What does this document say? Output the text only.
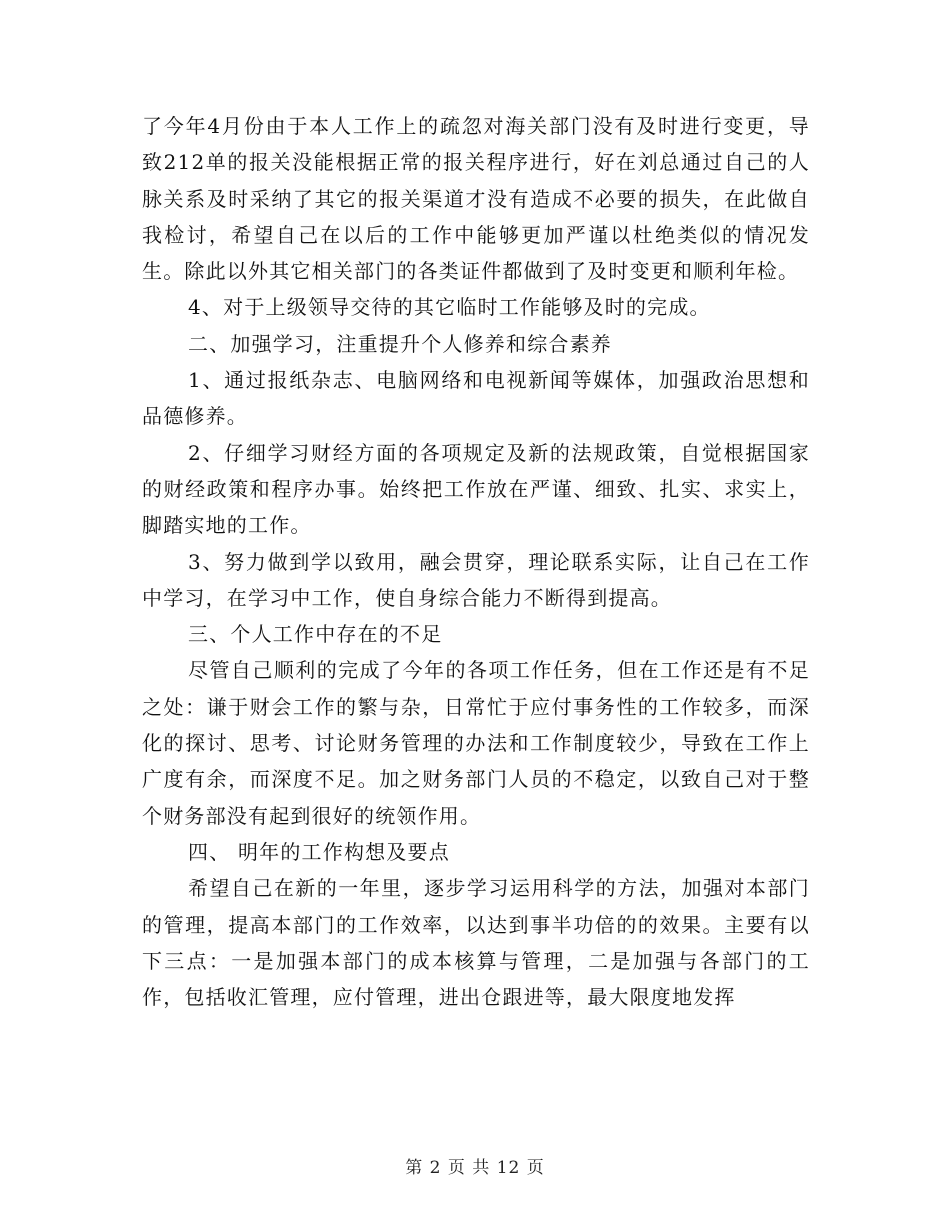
了今年4月份由于本人工作上的疏忽对海关部门没有及时进行变更，导致212单的报关没能根据正常的报关程序进行，好在刘总通过自己的人脉关系及时采纳了其它的报关渠道才没有造成不必要的损失，在此做自我检讨，希望自己在以后的工作中能够更加严谨以杜绝类似的情况发生。除此以外其它相关部门的各类证件都做到了及时变更和顺利年检。

4、对于上级领导交待的其它临时工作能够及时的完成。

二、加强学习，注重提升个人修养和综合素养

1、通过报纸杂志、电脑网络和电视新闻等媒体，加强政治思想和品德修养。

2、仔细学习财经方面的各项规定及新的法规政策，自觉根据国家的财经政策和程序办事。始终把工作放在严谨、细致、扎实、求实上，脚踏实地的工作。

3、努力做到学以致用，融会贯穿，理论联系实际，让自己在工作中学习，在学习中工作，使自身综合能力不断得到提高。

三、个人工作中存在的不足

尽管自己顺利的完成了今年的各项工作任务，但在工作还是有不足之处：谦于财会工作的繁与杂，日常忙于应付事务性的工作较多，而深化的探讨、思考、讨论财务管理的办法和工作制度较少，导致在工作上广度有余，而深度不足。加之财务部门人员的不稳定，以致自己对于整个财务部没有起到很好的统领作用。

四、 明年的工作构想及要点

希望自己在新的一年里，逐步学习运用科学的方法，加强对本部门的管理，提高本部门的工作效率，以达到事半功倍的的效果。主要有以下三点：一是加强本部门的成本核算与管理，二是加强与各部门的工作，包括收汇管理，应付管理，进出仓跟进等，最大限度地发挥

第 2 页 共 12 页
